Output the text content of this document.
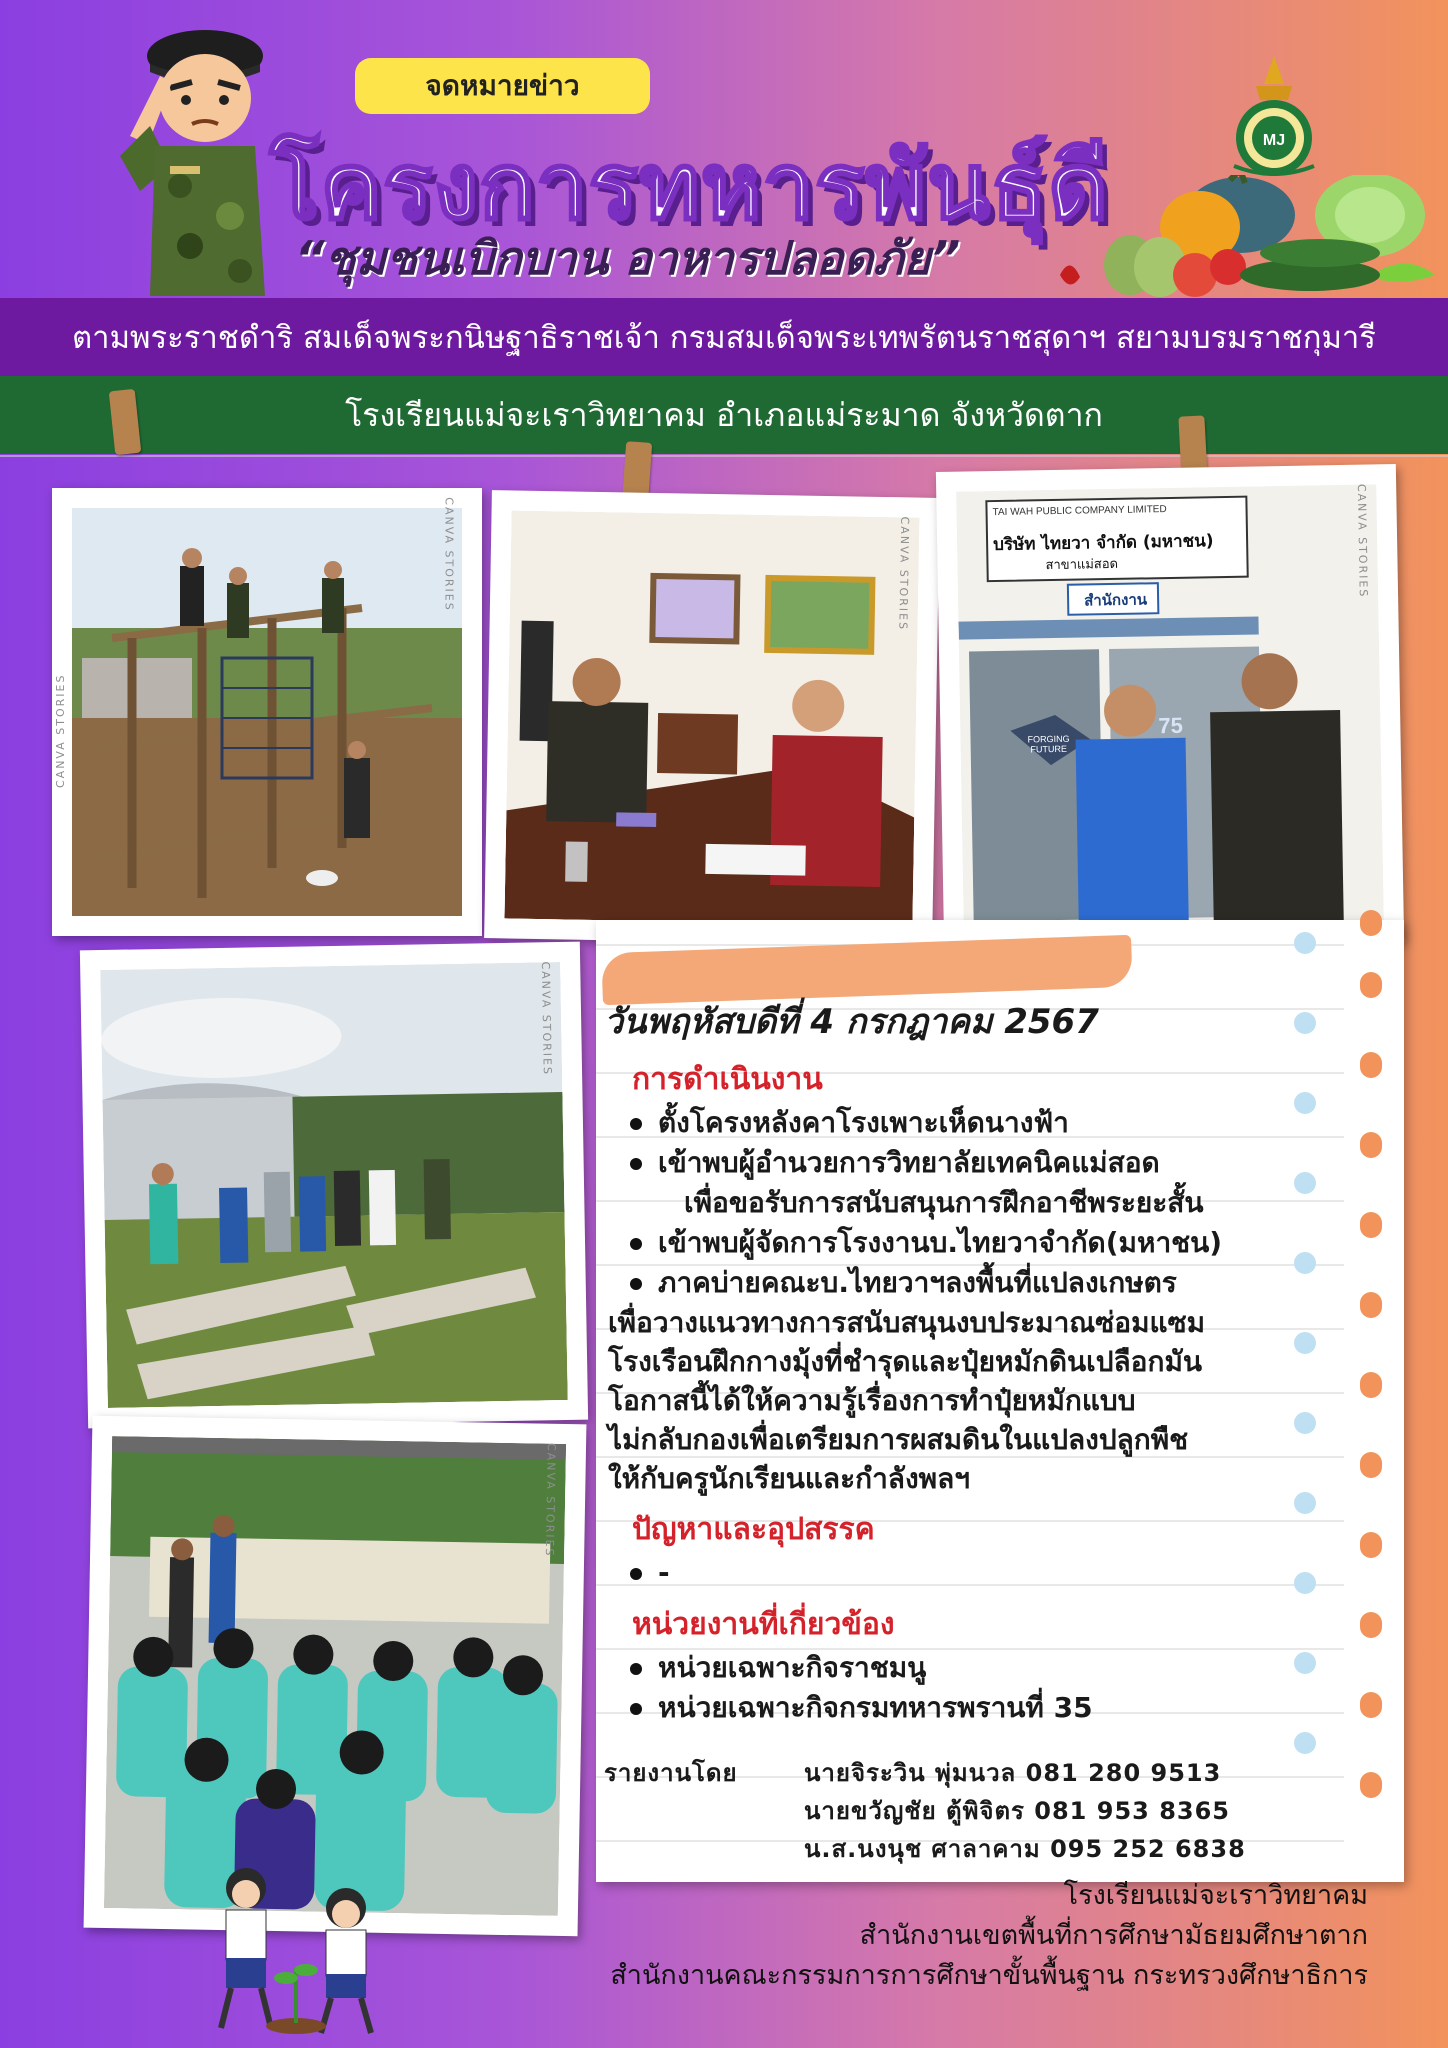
จดหมายข่าว
โครงการทหารพันธุ์ดี
“ชุมชนเบิกบาน อาหารปลอดภัย”
MJ
ตามพระราชดำริ สมเด็จพระกนิษฐาธิราชเจ้า กรมสมเด็จพระเทพรัตนราชสุดาฯ สยามบรมราชกุมารี
โรงเรียนแม่จะเราวิทยาคม อำเภอแม่ระมาด จังหวัดตาก
CANVA STORIES
CANVA STORIES	CANVA STORIES
TAI WAH PUBLIC COMPANY LIMITED
บริษัท ไทยวา จำกัด (มหาชน)
สาขาแม่สอด
สำนักงาน
FORGING FUTURE
75
CANVA STORIES
CANVA STORIES
CANVA STORIES
วันพฤหัสบดีที่ 4 กรกฎาคม 2567
การดำเนินงาน
ตั้งโครงหลังคาโรงเพาะเห็ดนางฟ้า
เข้าพบผู้อำนวยการวิทยาลัยเทคนิคแม่สอด
เพื่อขอรับการสนับสนุนการฝึกอาชีพระยะสั้น
เข้าพบผู้จัดการโรงงานบ.ไทยวาจำกัด(มหาชน)
ภาคบ่ายคณะบ.ไทยวาฯลงพื้นที่แปลงเกษตร
เพื่อวางแนวทางการสนับสนุนงบประมาณซ่อมแซม
โรงเรือนฝึกกางมุ้งที่ชำรุดและปุ๋ยหมักดินเปลือกมัน
โอกาสนี้ได้ให้ความรู้เรื่องการทำปุ๋ยหมักแบบ
ไม่กลับกองเพื่อเตรียมการผสมดินในแปลงปลูกพืช
ให้กับครูนักเรียนและกำลังพลฯ
ปัญหาและอุปสรรค
-
หน่วยงานที่เกี่ยวข้อง
หน่วยเฉพาะกิจราชมนู
หน่วยเฉพาะกิจกรมทหารพรานที่ 35
รายงานโดย	นายจิระวิน พุ่มนวล 081 280 9513
นายขวัญชัย ตู้พิจิตร 081 953 8365
น.ส.นงนุช ศาลาคาม 095 252 6838
โรงเรียนแม่จะเราวิทยาคม
สำนักงานเขตพื้นที่การศึกษามัธยมศึกษาตาก
สำนักงานคณะกรรมการการศึกษาขั้นพื้นฐาน กระทรวงศึกษาธิการ
